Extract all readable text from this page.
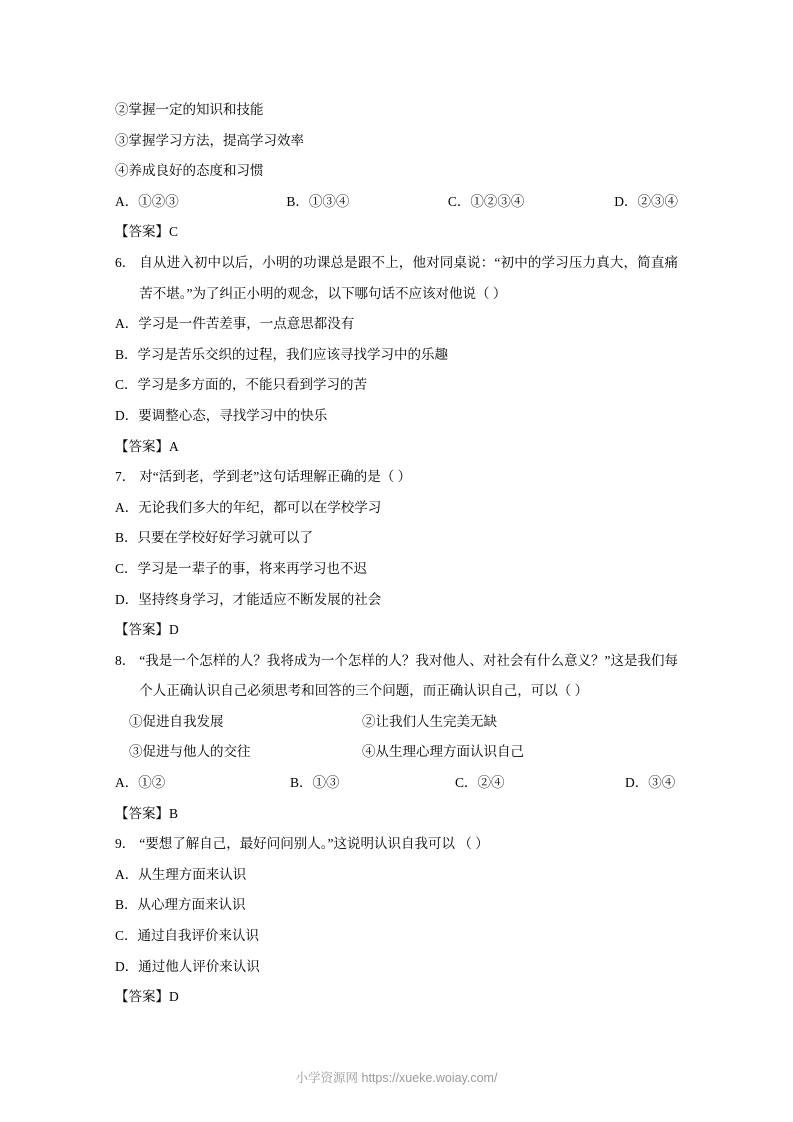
②掌握一定的知识和技能
③掌握学习方法，提高学习效率
④养成良好的态度和习惯
A．①②③	B．①③④	C．①②③④	D．②③④
【答案】C
6． 自从进入初中以后，小明的功课总是跟不上，他对同桌说：“初中的学习压力真大，简直痛苦不堪。”为了纠正小明的观念，以下哪句话不应该对他说（ ）
A．学习是一件苦差事，一点意思都没有
B．学习是苦乐交织的过程，我们应该寻找学习中的乐趣
C．学习是多方面的，不能只看到学习的苦
D．要调整心态，寻找学习中的快乐
【答案】A
7． 对“活到老，学到老”这句话理解正确的是（ ）
A．无论我们多大的年纪，都可以在学校学习
B．只要在学校好好学习就可以了
C．学习是一辈子的事，将来再学习也不迟
D．坚持终身学习，才能适应不断发展的社会
【答案】D
8． “我是一个怎样的人？我将成为一个怎样的人？我对他人、对社会有什么意义？”这是我们每个人正确认识自己必须思考和回答的三个问题，而正确认识自己，可以（ ）
①促进自我发展	②让我们人生完美无缺
③促进与他人的交往	④从生理心理方面认识自己
A．①②	B．①③	C．②④	D．③④
【答案】B
9． “要想了解自己，最好问问别人。”这说明认识自我可以 （ ）
A．从生理方面来认识
B．从心理方面来认识
C．通过自我评价来认识
D．通过他人评价来认识
【答案】D
小学资源网 https://xueke.woiay.com/
